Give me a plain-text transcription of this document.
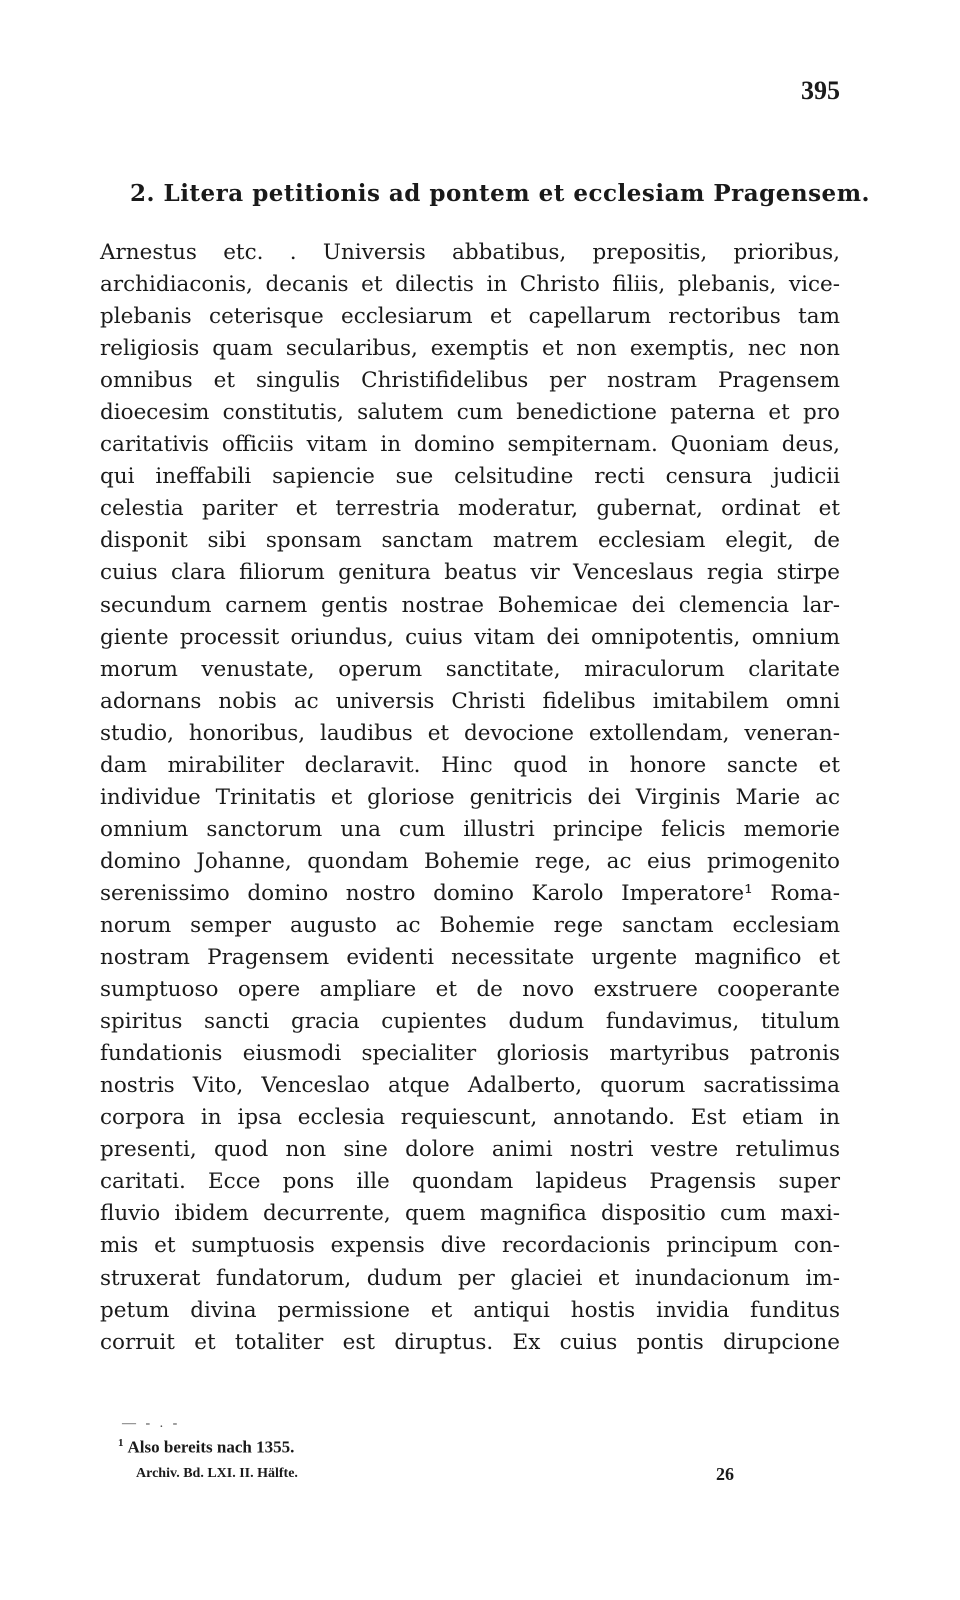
395
2. Litera petitionis ad pontem et ecclesiam Pragensem.
Arnestus etc. . Universis abbatibus, prepositis, prioribus,
archidiaconis, decanis et dilectis in Christo filiis, plebanis, vice-
plebanis ceterisque ecclesiarum et capellarum rectoribus tam
religiosis quam secularibus, exemptis et non exemptis, nec non
omnibus et singulis Christifidelibus per nostram Pragensem
dioecesim constitutis, salutem cum benedictione paterna et pro
caritativis officiis vitam in domino sempiternam. Quoniam deus,
qui ineffabili sapiencie sue celsitudine recti censura judicii
celestia pariter et terrestria moderatur, gubernat, ordinat et
disponit sibi sponsam sanctam matrem ecclesiam elegit, de
cuius clara filiorum genitura beatus vir Venceslaus regia stirpe
secundum carnem gentis nostrae Bohemicae dei clemencia lar-
giente processit oriundus, cuius vitam dei omnipotentis, omnium
morum venustate, operum sanctitate, miraculorum claritate
adornans nobis ac universis Christi fidelibus imitabilem omni
studio, honoribus, laudibus et devocione extollendam, veneran-
dam mirabiliter declaravit. Hinc quod in honore sancte et
individue Trinitatis et gloriose genitricis dei Virginis Marie ac
omnium sanctorum una cum illustri principe felicis memorie
domino Johanne, quondam Bohemie rege, ac eius primogenito
serenissimo domino nostro domino Karolo Imperatore¹ Roma-
norum semper augusto ac Bohemie rege sanctam ecclesiam
nostram Pragensem evidenti necessitate urgente magnifico et
sumptuoso opere ampliare et de novo exstruere cooperante
spiritus sancti gracia cupientes dudum fundavimus, titulum
fundationis eiusmodi specialiter gloriosis martyribus patronis
nostris Vito, Venceslao atque Adalberto, quorum sacratissima
corpora in ipsa ecclesia requiescunt, annotando. Est etiam in
presenti, quod non sine dolore animi nostri vestre retulimus
caritati. Ecce pons ille quondam lapideus Pragensis super
fluvio ibidem decurrente, quem magnifica dispositio cum maxi-
mis et sumptuosis expensis dive recordacionis principum con-
struxerat fundatorum, dudum per glaciei et inundacionum im-
petum divina permissione et antiqui hostis invidia funditus
corruit et totaliter est diruptus. Ex cuius pontis dirupcione
— - . -
$^1$ Also bereits nach 1355.
Archiv. Bd. LXI. II. Hälfte.	26
